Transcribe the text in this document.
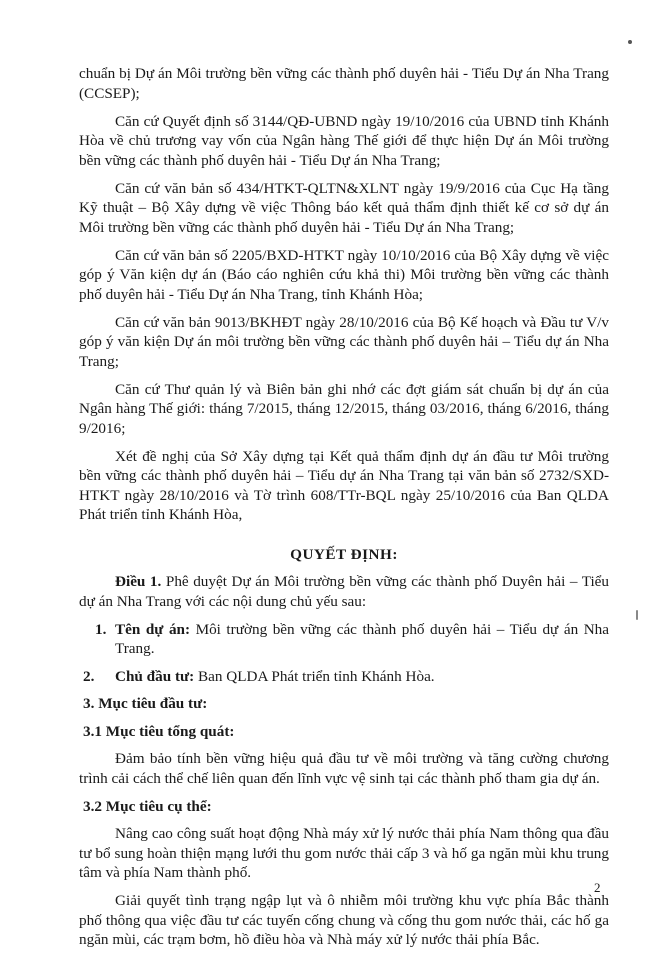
chuẩn bị Dự án Môi trường bền vững các thành phố duyên hải - Tiểu Dự án Nha Trang (CCSEP);

Căn cứ Quyết định số 3144/QĐ-UBND ngày 19/10/2016 của UBND tỉnh Khánh Hòa về chủ trương vay vốn của Ngân hàng Thế giới để thực hiện Dự án Môi trường bền vững các thành phố duyên hải - Tiểu Dự án Nha Trang;

Căn cứ văn bản số 434/HTKT-QLTN&XLNT ngày 19/9/2016 của Cục Hạ tầng Kỹ thuật – Bộ Xây dựng về việc Thông báo kết quả thẩm định thiết kế cơ sở dự án Môi trường bền vững các thành phố duyên hải - Tiểu Dự án Nha Trang;

Căn cứ văn bản số 2205/BXD-HTKT ngày 10/10/2016 của Bộ Xây dựng về việc góp ý Văn kiện dự án (Báo cáo nghiên cứu khả thi) Môi trường bền vững các thành phố duyên hải - Tiểu Dự án Nha Trang, tỉnh Khánh Hòa;

Căn cứ văn bản 9013/BKHĐT ngày 28/10/2016 của Bộ Kế hoạch và Đầu tư V/v góp ý văn kiện Dự án môi trường bền vững các thành phố duyên hải – Tiểu dự án Nha Trang;

Căn cứ Thư quản lý và Biên bản ghi nhớ các đợt giám sát chuẩn bị dự án của Ngân hàng Thế giới: tháng 7/2015, tháng 12/2015, tháng 03/2016, tháng 6/2016, tháng 9/2016;

Xét đề nghị của Sở Xây dựng tại Kết quả thẩm định dự án đầu tư Môi trường bền vững các thành phố duyên hải – Tiểu dự án Nha Trang tại văn bản số 2732/SXD-HTKT ngày 28/10/2016 và Tờ trình 608/TTr-BQL ngày 25/10/2016 của Ban QLDA Phát triển tỉnh Khánh Hòa,

QUYẾT ĐỊNH:

Điều 1. Phê duyệt Dự án Môi trường bền vững các thành phố Duyên hải – Tiểu dự án Nha Trang với các nội dung chủ yếu sau:

1. Tên dự án: Môi trường bền vững các thành phố duyên hải – Tiểu dự án Nha Trang.
2. Chủ đầu tư: Ban QLDA Phát triển tỉnh Khánh Hòa.

3. Mục tiêu đầu tư:

3.1 Mục tiêu tổng quát:

Đảm bảo tính bền vững hiệu quả đầu tư về môi trường và tăng cường chương trình cải cách thể chế liên quan đến lĩnh vực vệ sinh tại các thành phố tham gia dự án.

3.2 Mục tiêu cụ thể:

Nâng cao công suất hoạt động Nhà máy xử lý nước thải phía Nam thông qua đầu tư bổ sung hoàn thiện mạng lưới thu gom nước thải cấp 3 và hố ga ngăn mùi khu trung tâm và phía Nam thành phố.

Giải quyết tình trạng ngập lụt và ô nhiễm môi trường khu vực phía Bắc thành phố thông qua việc đầu tư các tuyến cống chung và cống thu gom nước thải, các hố ga ngăn mùi, các trạm bơm, hồ điều hòa và Nhà máy xử lý nước thải phía Bắc.

2
